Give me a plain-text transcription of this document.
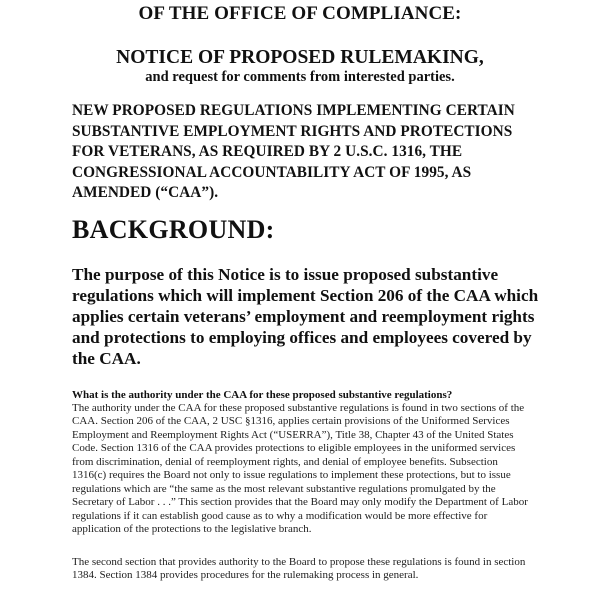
OF THE OFFICE OF COMPLIANCE:
NOTICE OF PROPOSED RULEMAKING,
and request for comments from interested parties.
NEW PROPOSED REGULATIONS IMPLEMENTING CERTAIN SUBSTANTIVE EMPLOYMENT RIGHTS AND PROTECTIONS FOR VETERANS, AS REQUIRED BY 2 U.S.C. 1316, THE CONGRESSIONAL ACCOUNTABILITY ACT OF 1995, AS AMENDED (“CAA”).
BACKGROUND:
The purpose of this Notice is to issue proposed substantive regulations which will implement Section 206 of the CAA which applies certain veterans’ employment and reemployment rights and protections to employing offices and employees covered by the CAA.
What is the authority under the CAA for these proposed substantive regulations?
The authority under the CAA for these proposed substantive regulations is found in two sections of the CAA. Section 206 of the CAA, 2 USC §1316, applies certain provisions of the Uniformed Services Employment and Reemployment Rights Act (“USERRA”), Title 38, Chapter 43 of the United States Code. Section 1316 of the CAA provides protections to eligible employees in the uniformed services from discrimination, denial of reemployment rights, and denial of employee benefits. Subsection 1316(c) requires the Board not only to issue regulations to implement these protections, but to issue regulations which are “the same as the most relevant substantive regulations promulgated by the Secretary of Labor . . .” This section provides that the Board may only modify the Department of Labor regulations if it can establish good cause as to why a modification would be more effective for application of the protections to the legislative branch.
The second section that provides authority to the Board to propose these regulations is found in section 1384. Section 1384 provides procedures for the rulemaking process in general.
